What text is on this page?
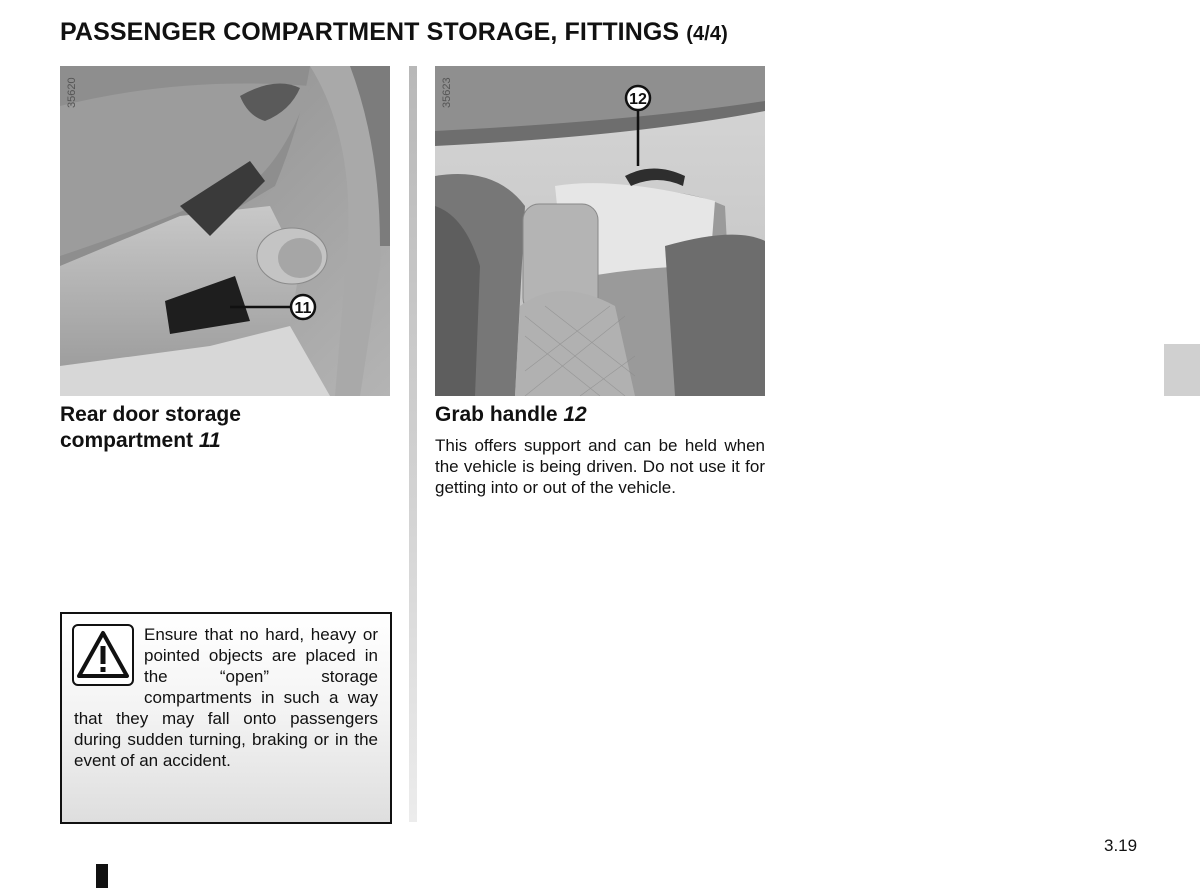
PASSENGER COMPARTMENT STORAGE, FITTINGS (4/4)
11
35620	12
35623
Rear door storage
compartment 11
Grab handle 12
This offers support and can be held when the vehicle is being driven. Do not use it for getting into or out of the vehicle.
Ensure that no hard, heavy or pointed objects are placed in the “open” storage compartments in such a way that they may fall onto passengers during sudden turning, braking or in the event of an accident.
3.19
